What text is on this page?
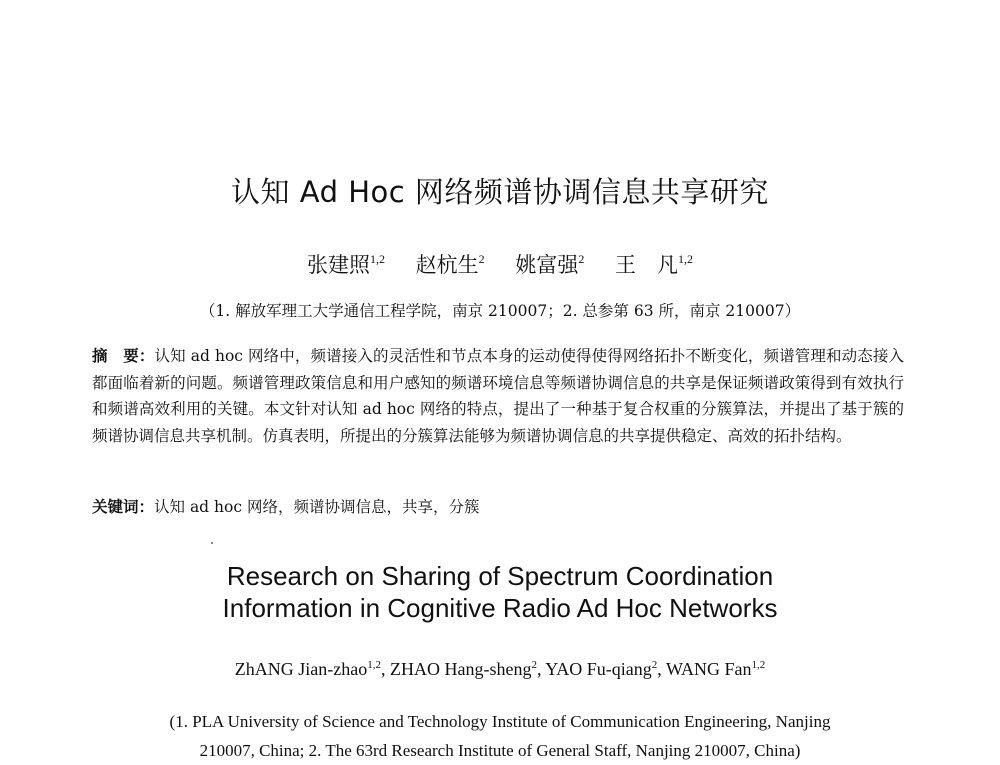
认知 Ad Hoc 网络频谱协调信息共享研究
张建照$^{1,2}$ 赵杭生$^2$ 姚富强$^2$ 王　凡$^{1,2}$
（1. 解放军理工大学通信工程学院，南京 210007；2. 总参第 63 所，南京 210007）
摘　要：认知 ad hoc 网络中，频谱接入的灵活性和节点本身的运动使得使得网络拓扑不断变化，频谱管理和动态接入都面临着新的问题。频谱管理政策信息和用户感知的频谱环境信息等频谱协调信息的共享是保证频谱政策得到有效执行和频谱高效利用的关键。本文针对认知 ad hoc 网络的特点，提出了一种基于复合权重的分簇算法，并提出了基于簇的频谱协调信息共享机制。仿真表明，所提出的分簇算法能够为频谱协调信息的共享提供稳定、高效的拓扑结构。
关键词：认知 ad hoc 网络，频谱协调信息，共享，分簇
Research on Sharing of Spectrum Coordination
Information in Cognitive Radio Ad Hoc Networks
ZhANG Jian-zhao$^{1,2}$, ZHAO Hang-sheng$^2$, YAO Fu-qiang$^2$, WANG Fan$^{1,2}$
(1. PLA University of Science and Technology Institute of Communication Engineering, Nanjing
210007, China; 2. The 63rd Research Institute of General Staff, Nanjing 210007, China)
